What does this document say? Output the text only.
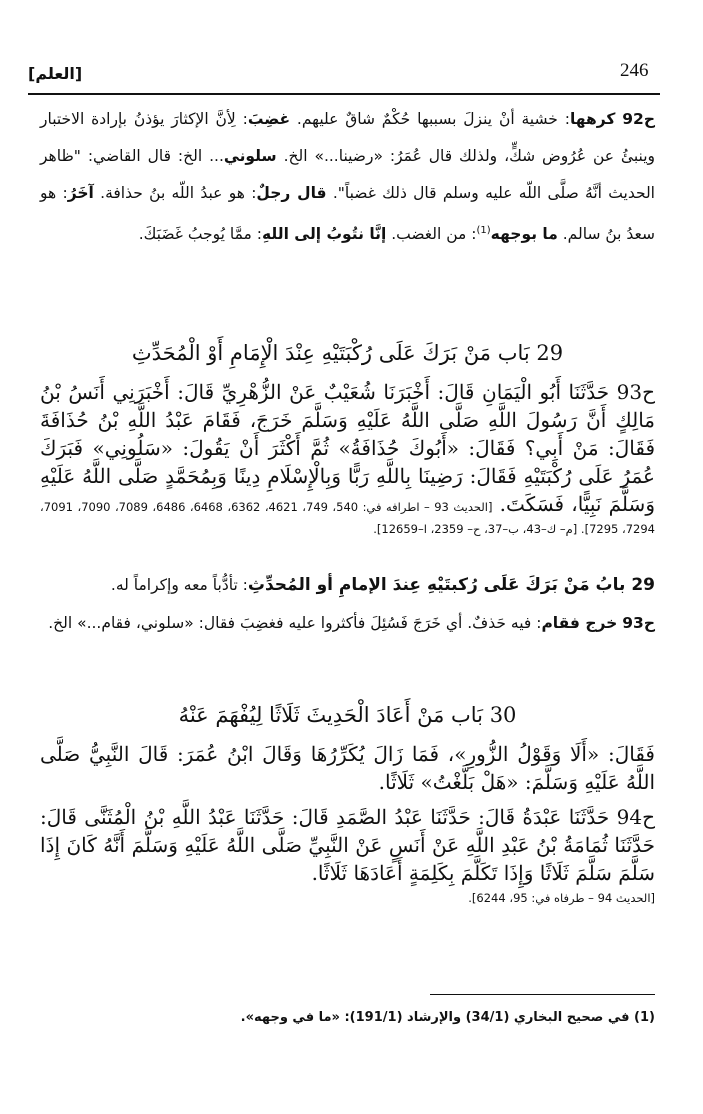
246
[العلم]
ح92 كرهها: خشية أنْ ينزلَ بسببها حُكْمٌ شاقٌ عليهم. غضِبَ: لِأنَّ الإكثارَ يؤذنُ بإرادة الاختبار وينبئُ عن عُرُوض شكٍّ، ولذلك قال عُمَرُ: «رضينا...» الخ. سلوني... الخ: قال القاضي: "ظاهر الحديث أنَّهُ صلَّى اللّه عليه وسلم قال ذلك غضباً". قال رجلٌ: هو عبدُ اللّه بنُ حذافة. آخَرُ: هو سعدُ بنُ سالم. ما بوجهه$^{(1)}$: من الغضب. إنَّا نتُوبُ إلى اللهِ: ممَّا يُوجبُ غَضَبَكَ.
29 بَاب مَنْ بَرَكَ عَلَى رُكْبَتَيْهِ عِنْدَ الْإِمَامِ أَوْ الْمُحَدِّثِ
ح93 حَدَّثَنَا أَبُو الْيَمَانِ قَالَ: أَخْبَرَنَا شُعَيْبٌ عَنْ الزُّهْرِيِّ قَالَ: أَخْبَرَنِي أَنَسُ بْنُ مَالِكٍ أَنَّ رَسُولَ اللَّهِ صَلَّى اللَّهُ عَلَيْهِ وَسَلَّمَ خَرَجَ، فَقَامَ عَبْدُ اللَّهِ بْنُ حُذَافَةَ فَقَالَ: مَنْ أَبِي؟ فَقَالَ: «أَبُوكَ حُذَافَةُ» ثُمَّ أَكْثَرَ أَنْ يَقُولَ: «سَلُونِي» فَبَرَكَ عُمَرُ عَلَى رُكْبَتَيْهِ فَقَالَ: رَضِينَا بِاللَّهِ رَبًّا وَبِالْإِسْلَامِ دِينًا وَبِمُحَمَّدٍ صَلَّى اللَّهُ عَلَيْهِ وَسَلَّمَ نَبِيًّا، فَسَكَتَ. [الحديث 93 – اطرافه في: 540، 749، 4621، 6362، 6468، 6486، 7089، 7090، 7091، 7294، 7295]. [م– ك–43، ب–37، ح– 2359، ا–12659].
29 بابُ مَنْ بَرَكَ عَلَى رُكبتَيْهِ عِندَ الإمامِ أو المُحدِّثِ: تأدُّباً معه وإكراماً له.
ح93 خرج فقام: فيه حَذفٌ. أي خَرَجَ فَسُئِلَ فأكثروا عليه فغضِبَ فقال: «سلوني، فقام...» الخ.
30 بَاب مَنْ أَعَادَ الْحَدِيثَ ثَلَاثًا لِيُفْهَمَ عَنْهُ
فَقَالَ: «أَلَا وَقَوْلُ الزُّورِ»، فَمَا زَالَ يُكَرِّرُهَا وَقَالَ ابْنُ عُمَرَ: قَالَ النَّبِيُّ صَلَّى اللَّهُ عَلَيْهِ وَسَلَّمَ: «هَلْ بَلَّغْتُ» ثَلَاثًا.
ح94 حَدَّثَنَا عَبْدَةُ قَالَ: حَدَّثَنَا عَبْدُ الصَّمَدِ قَالَ: حَدَّثَنَا عَبْدُ اللَّهِ بْنُ الْمُثَنَّى قَالَ: حَدَّثَنَا ثُمَامَةُ بْنُ عَبْدِ اللَّهِ عَنْ أَنَسٍ عَنْ النَّبِيِّ صَلَّى اللَّهُ عَلَيْهِ وَسَلَّمَ أَنَّهُ كَانَ إِذَا سَلَّمَ سَلَّمَ ثَلَاثًا وَإِذَا تَكَلَّمَ بِكَلِمَةٍ أَعَادَهَا ثَلَاثًا.
[الحديث 94 – طرفاه في: 95، 6244].
(1) في صحيح البخاري (34/1) والإرشاد (191/1): «ما في وجهه».
